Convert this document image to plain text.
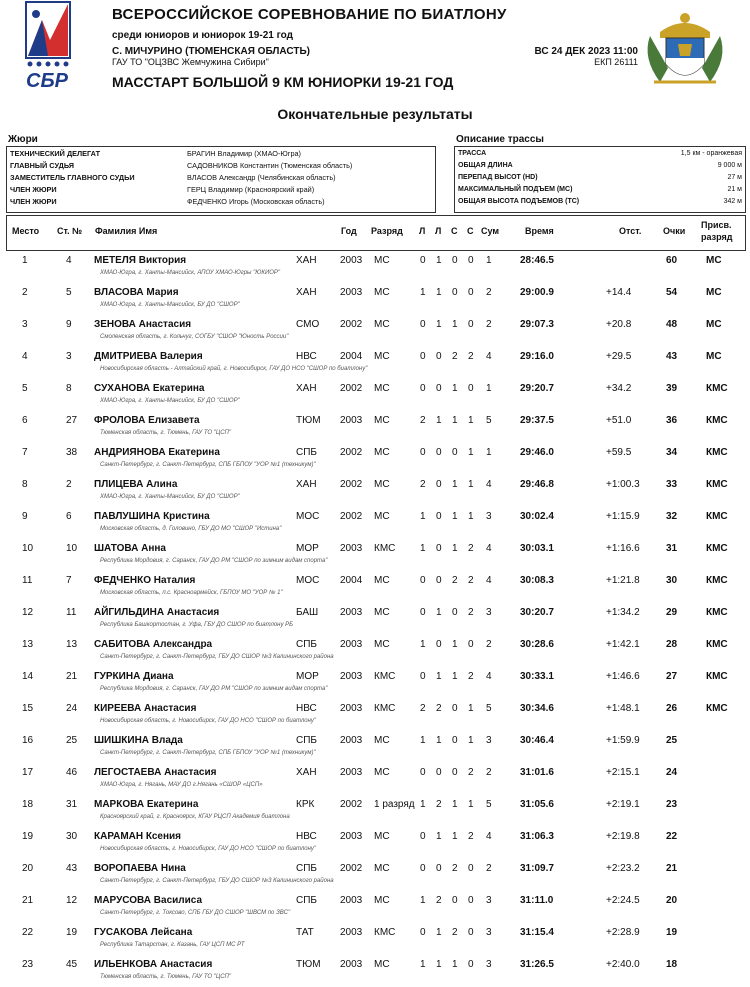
СБР
ВСЕРОССИЙСКОЕ СОРЕВНОВАНИЕ ПО БИАТЛОНУ
среди юниоров и юниорок 19-21 год
С. МИЧУРИНО (ТЮМЕНСКАЯ ОБЛАСТЬ)
ГАУ ТО "ОЦЗВС Жемчужина Сибири"
ВС 24 ДЕК 2023 11:00
ЕКП 26111
МАССТАРТ БОЛЬШОЙ 9 КМ ЮНИОРКИ 19-21 ГОД
Окончательные результаты
Жюри	Описание трассы
ТЕХНИЧЕСКИЙ ДЕЛЕГАТ	БРАГИН Владимир (ХМАО-Югра)
ГЛАВНЫЙ СУДЬЯ	САДОВНИКОВ Константин (Тюменская область)
ЗАМЕСТИТЕЛЬ ГЛАВНОГО СУДЬИ	ВЛАСОВ Александр (Челябинская область)
ЧЛЕН ЖЮРИ	ГЕРЦ Владимир (Красноярский край)
ЧЛЕН ЖЮРИ	ФЕДЧЕНКО Игорь (Московская область)
ТРАССА	1,5 км - оранжевая
ОБЩАЯ ДЛИНА	9 000 м
ПЕРЕПАД ВЫСОТ (HD)	27 м
МАКСИМАЛЬНЫЙ ПОДЪЕМ (MC)	21 м
ОБЩАЯ ВЫСОТА ПОДЪЕМОВ (TC)	342 м
Место Ст. № Фамилия Имя	Год Разряд Л Л С С Сум	Время	Отст. Очки
Присв.
разряд
1	4 МЕТЕЛЯ Виктория	ХАН 2003 МС	0 1 0 0 1	28:46.5	60	МС
ХМАО-Югра, г. Ханты-Мансийск, АПОУ ХМАО-Югры "ЮКИОР"
2	5 ВЛАСОВА Мария	ХАН 2003 МС	1 1 0 0 2	29:00.9	+14.4	54	МС
ХМАО-Югра, г. Ханты-Мансийск, БУ ДО "СШОР"
3	9 ЗЕНОВА Анастасия	СМО 2002 МС	0 1 1 0 2	29:07.3	+20.8	48	МС
Смоленская область, г. Кольчуг, СОГБУ "СШОР "Юность России"
4	3 ДМИТРИЕВА Валерия	НВС 2004 МС	0 0 2 2 4	29:16.0	+29.5	43	МС
Новосибирская область - Алтайский край, г. Новосибирск, ГАУ ДО НСО "СШОР по биатлону"
5	8 СУХАНОВА Екатерина	ХАН 2002 МС	0 0 1 0 1	29:20.7	+34.2	39	КМС
ХМАО-Югра, г. Ханты-Мансийск, БУ ДО "СШОР"
6	27 ФРОЛОВА Елизавета	ТЮМ 2003 МС	2 1 1 1 5	29:37.5	+51.0	36	КМС
Тюменская область, г. Тюмень, ГАУ ТО "ЦСП"
7	38 АНДРИЯНОВА Екатерина	СПБ 2002 МС	0 0 0 1 1	29:46.0	+59.5	34	КМС
Санкт-Петербург, г. Санкт-Петербург, СПБ ГБПОУ "УОР №1 (техникум)"
8	2 ПЛИЦЕВА Алина	ХАН 2002 МС	2 0 1 1 4	29:46.8	+1:00.3	33	КМС
ХМАО-Югра, г. Ханты-Мансийск, БУ ДО "СШОР"
9	6 ПАВЛУШИНА Кристина	МОС 2002 МС	1 0 1 1 3	30:02.4	+1:15.9	32	КМС
Московская область, д. Головино, ГБУ ДО МО "СШОР "Истина"
10	10 ШАТОВА Анна	МОР 2003 КМС 1 0 1 2 4	30:03.1	+1:16.6	31	КМС
Республика Мордовия, г. Саранск, ГАУ ДО РМ "СШОР по зимним видам спорта"
11	7 ФЕДЧЕНКО Наталия	МОС 2004 МС	0 0 2 2 4	30:08.3	+1:21.8	30	КМС
Московская область, п.с. Красноармейск, ГБПОУ МО "УОР № 1"
12	11 АЙГИЛЬДИНА Анастасия	БАШ 2003 МС	0 1 0 2 3	30:20.7	+1:34.2	29	КМС
Республика Башкортостан, г. Уфа, ГБУ ДО СШОР по биатлону РБ
13	13 САБИТОВА Александра	СПБ 2003 МС	1 0 1 0 2	30:28.6	+1:42.1	28	КМС
Санкт-Петербург, г. Санкт-Петербург, ГБУ ДО СШОР №3 Калининского района
14	21 ГУРКИНА Диана	МОР 2003 КМС 0 1 1 2 4	30:33.1	+1:46.6	27	КМС
Республика Мордовия, г. Саранск, ГАУ ДО РМ "СШОР по зимним видам спорта"
15	24 КИРЕЕВА Анастасия	НВС 2003 КМС 2 2 0 1 5	30:34.6	+1:48.1	26	КМС
Новосибирская область, г. Новосибирск, ГАУ ДО НСО "СШОР по биатлону"
16	25 ШИШКИНА Влада	СПБ 2003 МС	1 1 0 1 3	30:46.4	+1:59.9	25
Санкт-Петербург, г. Санкт-Петербург, СПБ ГБПОУ "УОР №1 (техникум)"
17	46 ЛЕГОСТАЕВА Анастасия	ХАН 2003 МС	0 0 0 2 2	31:01.6	+2:15.1	24
ХМАО-Югра, г. Нягань, МАУ ДО г.Нягань «СШОР «ЦСП»
18	31 МАРКОВА Екатерина	КРК	2002 1 разряд 1 2 1 1 5	31:05.6	+2:19.1	23
Красноярский край, г. Красноярск, КГАУ РЦСП Академия биатлона
19	30 КАРАМАН Ксения	НВС 2003 МС	0 1 1 2 4	31:06.3	+2:19.8	22
Новосибирская область, г. Новосибирск, ГАУ ДО НСО "СШОР по биатлону"
20	43 ВОРОПАЕВА Нина	СПБ 2002 МС	0 0 2 0 2	31:09.7	+2:23.2	21
Санкт-Петербург, г. Санкт-Петербург, ГБУ ДО СШОР №3 Калининского района
21	12 МАРУСОВА Василиса	СПБ 2003 МС	1 2 0 0 3	31:11.0	+2:24.5	20
Санкт-Петербург, г. Токсово, СПБ ГБУ ДО СШОР "ШВСМ по ЗВС"
22	19 ГУСАКОВА Лейсана	ТАТ	2003 КМС 0 1 2 0 3	31:15.4	+2:28.9	19
Республика Татарстан, г. Казань, ГАУ ЦСП МС РТ
23	45 ИЛЬЕНКОВА Анастасия	ТЮМ 2003 МС	1 1 1 0 3	31:26.5	+2:40.0	18
Тюменская область, г. Тюмень, ГАУ ТО "ЦСП"
